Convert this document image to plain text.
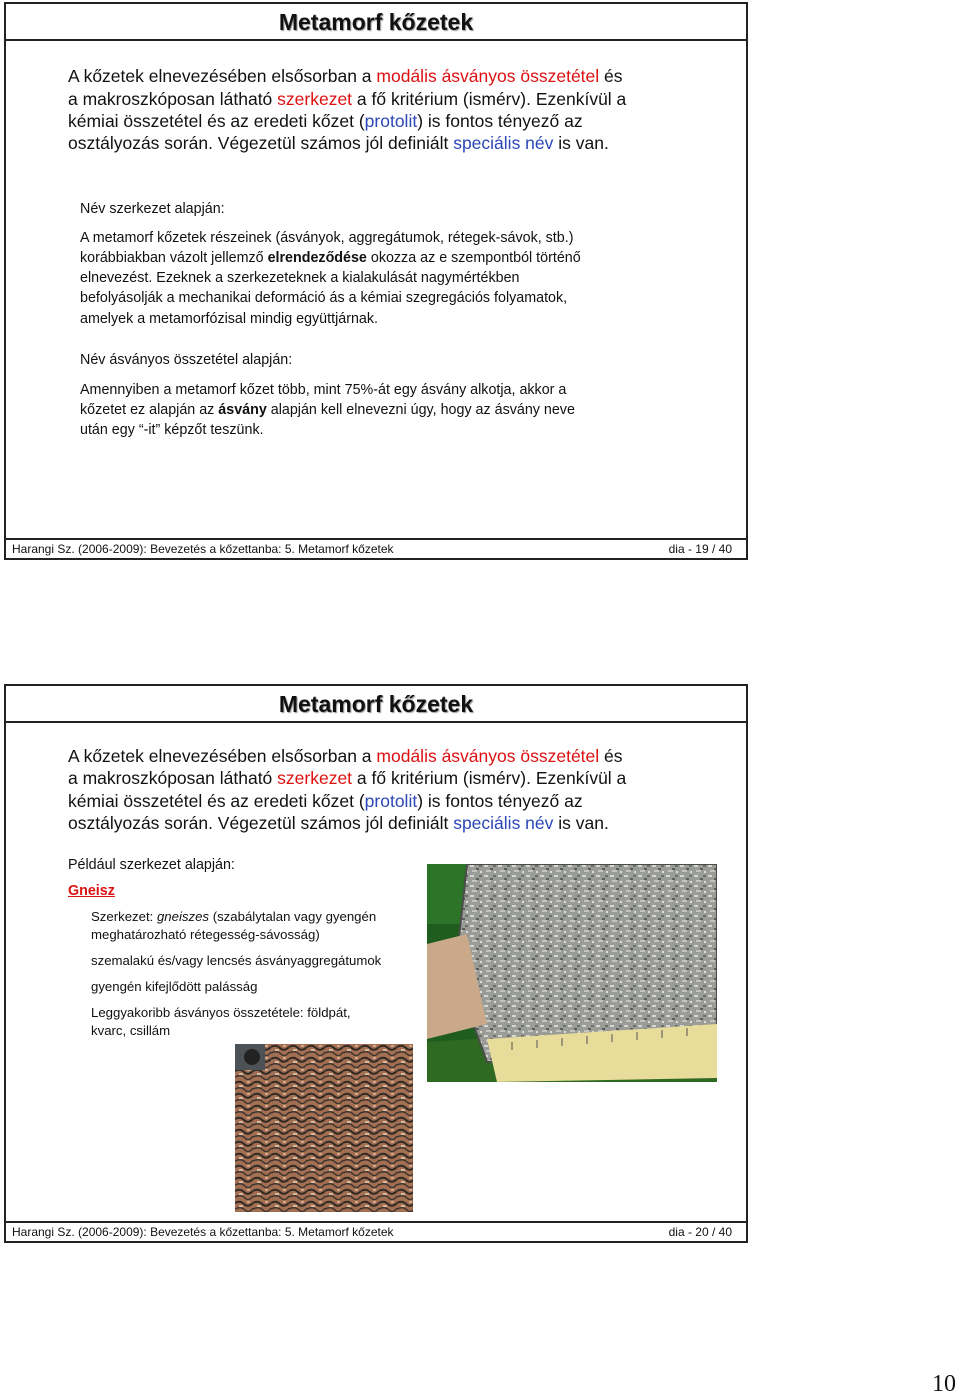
Metamorf kőzetek

A kőzetek elnevezésében elsősorban a modális ásványos összetétel és

a makroszkóposan látható szerkezet a fő kritérium (ismérv). Ezenkívül a

kémiai összetétel és az eredeti kőzet (protolit) is fontos tényező az

osztályozás során. Végezetül számos jól definiált speciális név is van.

Név szerkezet alapján:

A metamorf kőzetek részeinek (ásványok, aggregátumok, rétegek-sávok, stb.)

korábbiakban vázolt jellemző elrendeződése okozza az e szempontból történő

elnevezést. Ezeknek a szerkezeteknek a kialakulását nagymértékben

befolyásolják a mechanikai deformáció ás a kémiai szegregációs folyamatok,

amelyek a metamorfózisal mindig együttjárnak.

Név ásványos összetétel alapján:

Amennyiben a metamorf kőzet több, mint 75%-át egy ásvány alkotja, akkor a

kőzetet ez alapján az ásvány alapján kell elnevezni úgy, hogy az ásvány neve

után egy “-it” képzőt teszünk.

Harangi Sz. (2006-2009): Bevezetés a kőzettanba: 5. Metamorf kőzetek	dia - 19 / 40
Metamorf kőzetek

A kőzetek elnevezésében elsősorban a modális ásványos összetétel és

a makroszkóposan látható szerkezet a fő kritérium (ismérv). Ezenkívül a

kémiai összetétel és az eredeti kőzet (protolit) is fontos tényező az

osztályozás során. Végezetül számos jól definiált speciális név is van.

Például szerkezet alapján:

Gneisz

Szerkezet: gneiszes (szabálytalan vagy gyengén

meghatározható rétegesség-sávosság)

szemalakú és/vagy lencsés ásványaggregátumok

gyengén kifejlődött palásság

Leggyakoribb ásványos összetétele: földpát,

kvarc, csillám

Harangi Sz. (2006-2009): Bevezetés a kőzettanba: 5. Metamorf kőzetek	dia - 20 / 40
10
